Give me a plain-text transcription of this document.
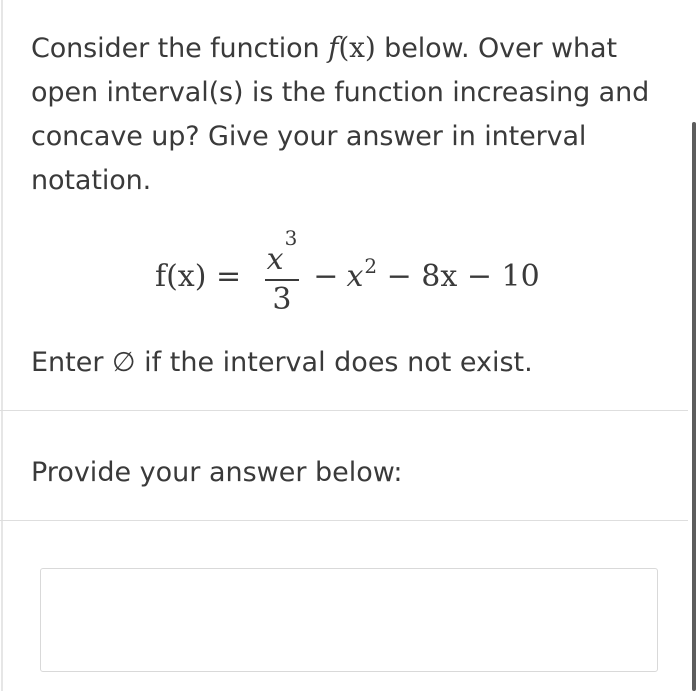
Consider the function f(x) below. Over what open interval(s) is the function increasing and concave up? Give your answer in interval notation.
$f(x) = \frac{x^3}{3} - x^2 - 8x - 10$
Enter ∅ if the interval does not exist.
Provide your answer below:
